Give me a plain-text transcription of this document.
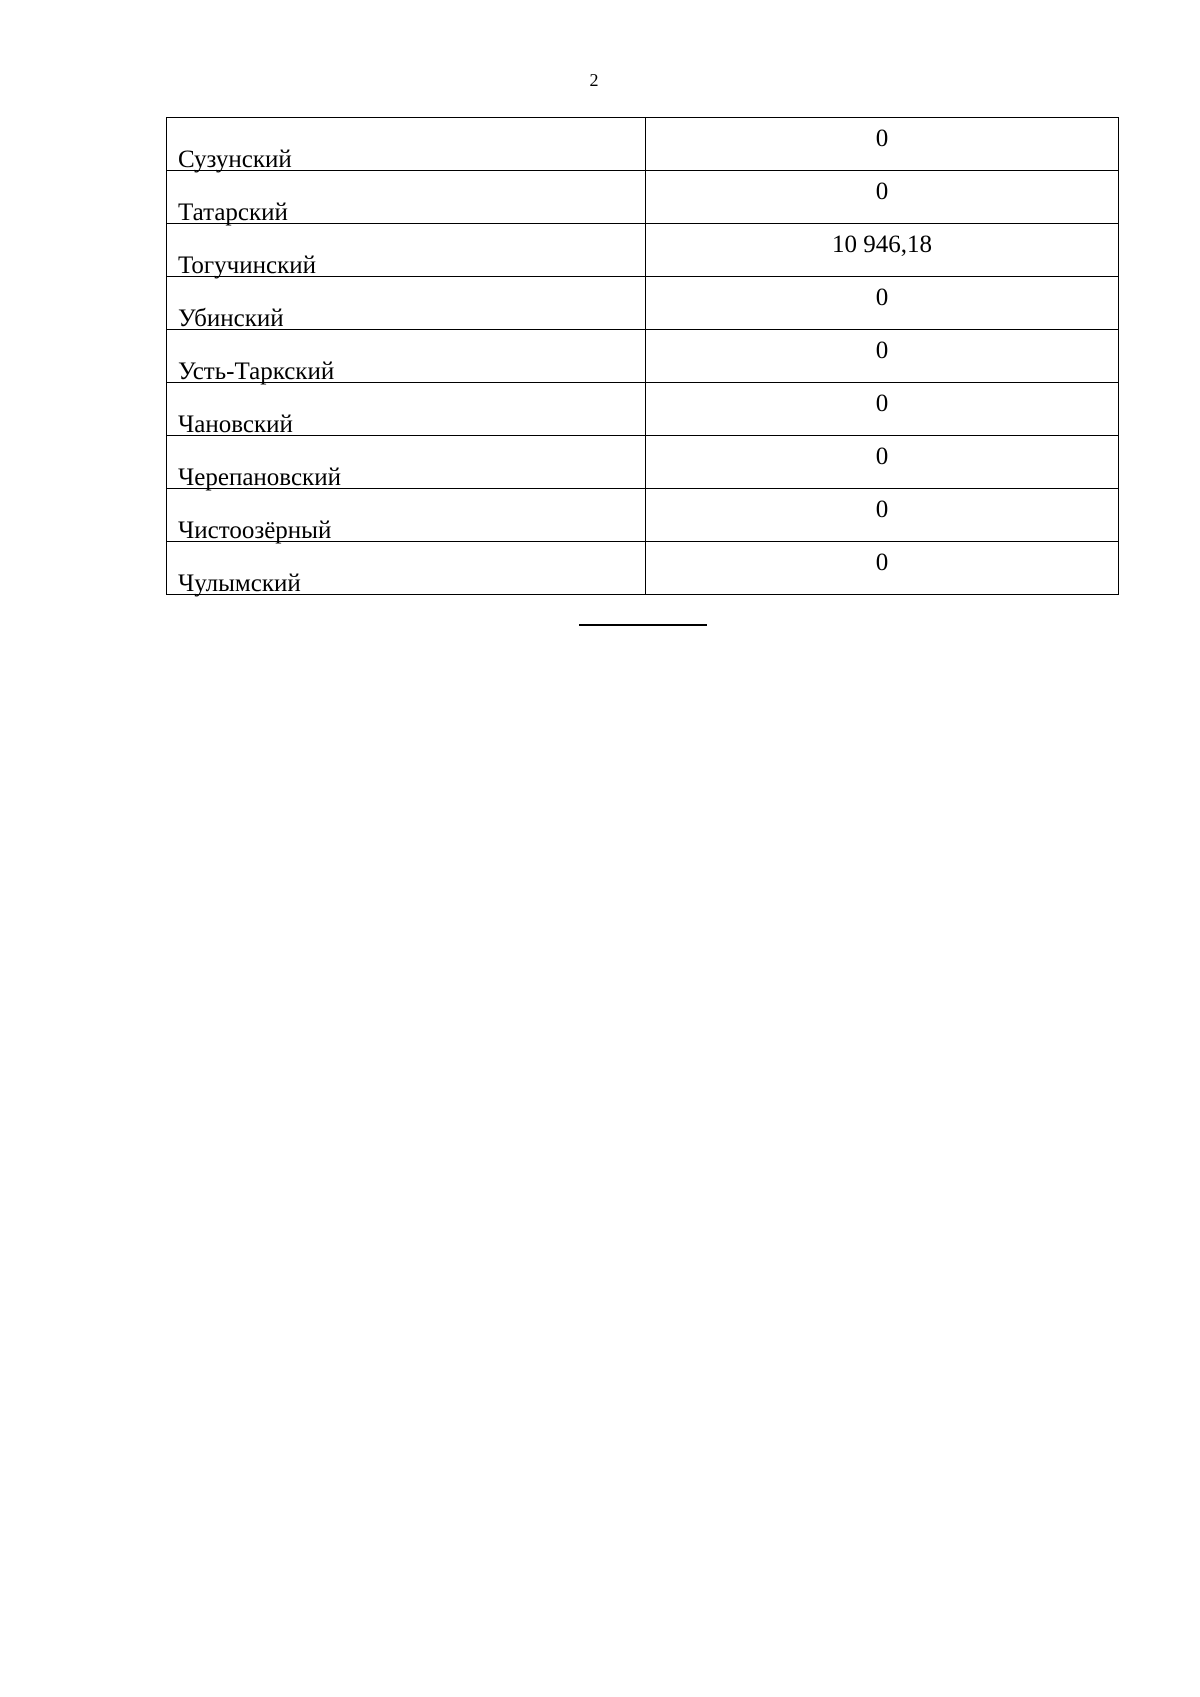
2
Сузунский	0
Татарский	0
Тогучинский	10 946,18
Убинский	0
Усть-Таркский	0
Чановский	0
Черепановский	0
Чистоозёрный	0
Чулымский	0
